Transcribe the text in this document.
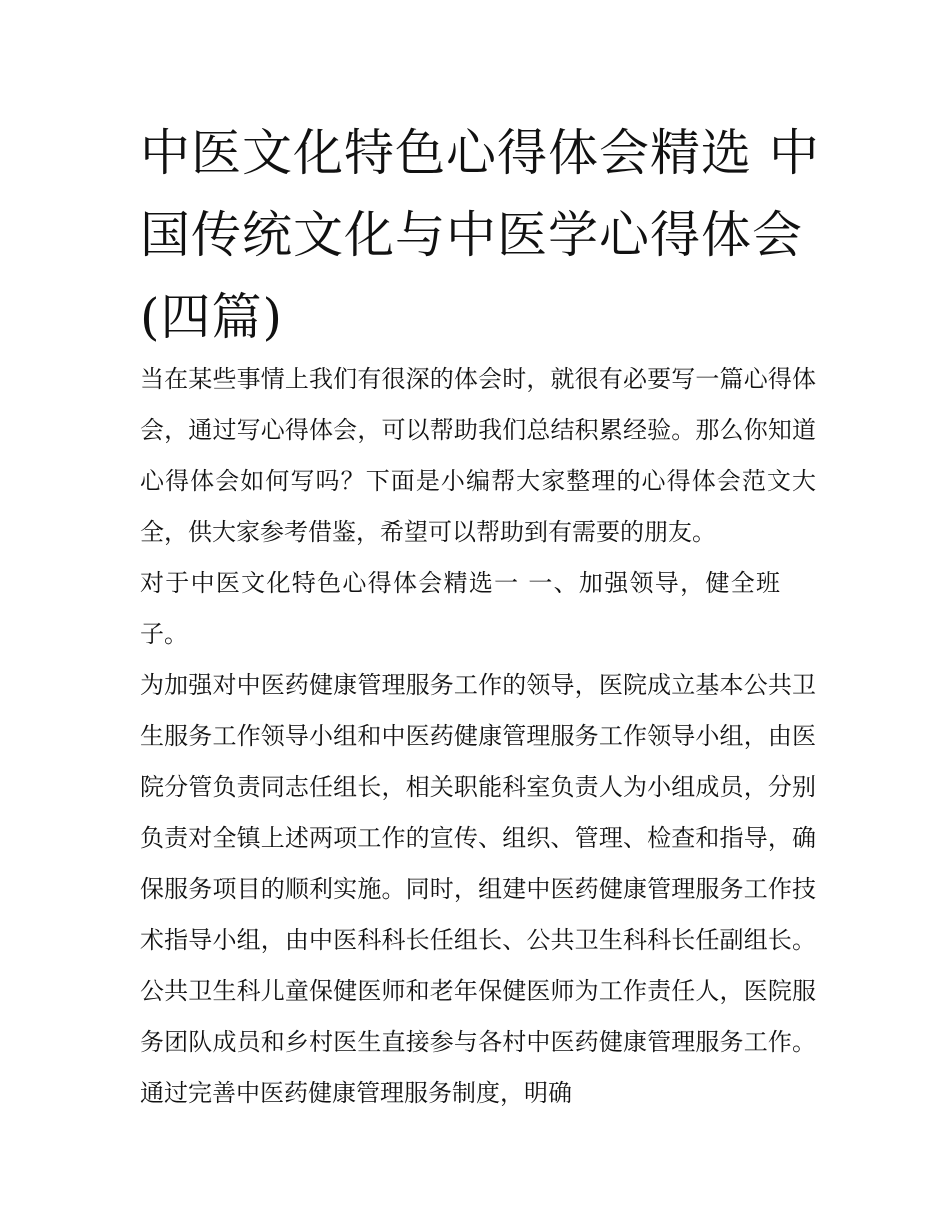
中医文化特色心得体会精选 中国传统文化与中医学心得体会(四篇)

当在某些事情上我们有很深的体会时，就很有必要写一篇心得体会，通过写心得体会，可以帮助我们总结积累经验。那么你知道心得体会如何写吗？下面是小编帮大家整理的心得体会范文大全，供大家参考借鉴，希望可以帮助到有需要的朋友。

对于中医文化特色心得体会精选一 一、加强领导，健全班子。

为加强对中医药健康管理服务工作的领导，医院成立基本公共卫生服务工作领导小组和中医药健康管理服务工作领导小组，由医院分管负责同志任组长，相关职能科室负责人为小组成员，分别负责对全镇上述两项工作的宣传、组织、管理、检查和指导，确保服务项目的顺利实施。同时，组建中医药健康管理服务工作技术指导小组，由中医科科长任组长、公共卫生科科长任副组长。公共卫生科儿童保健医师和老年保健医师为工作责任人，医院服务团队成员和乡村医生直接参与各村中医药健康管理服务工作。通过完善中医药健康管理服务制度，明确
